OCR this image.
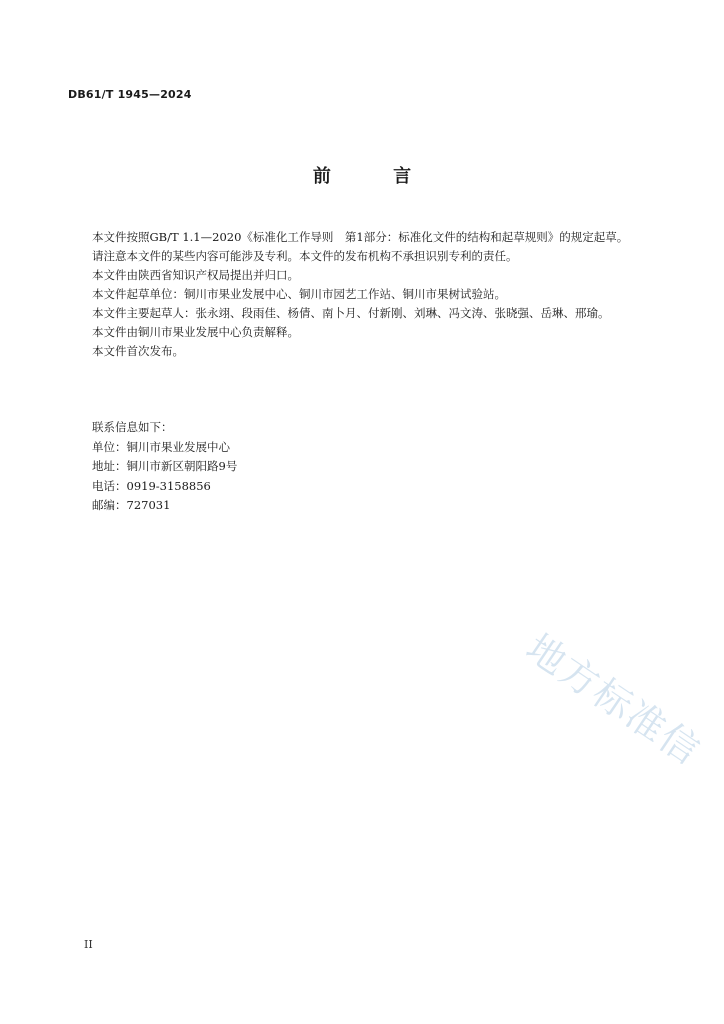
DB61/T 1945—2024
前 言

本文件按照GB/T 1.1—2020《标准化工作导则　第1部分：标准化文件的结构和起草规则》的规定起草。

请注意本文件的某些内容可能涉及专利。本文件的发布机构不承担识别专利的责任。

本文件由陕西省知识产权局提出并归口。

本文件起草单位：铜川市果业发展中心、铜川市园艺工作站、铜川市果树试验站。

本文件主要起草人：张永翊、段雨佳、杨倩、南卜月、付新刚、刘琳、冯文涛、张晓强、岳琳、邢瑜。

本文件由铜川市果业发展中心负责解释。

本文件首次发布。

联系信息如下：
单位：铜川市果业发展中心
地址：铜川市新区朝阳路9号
电话：0919-3158856
邮编：727031
地方标准信
II
